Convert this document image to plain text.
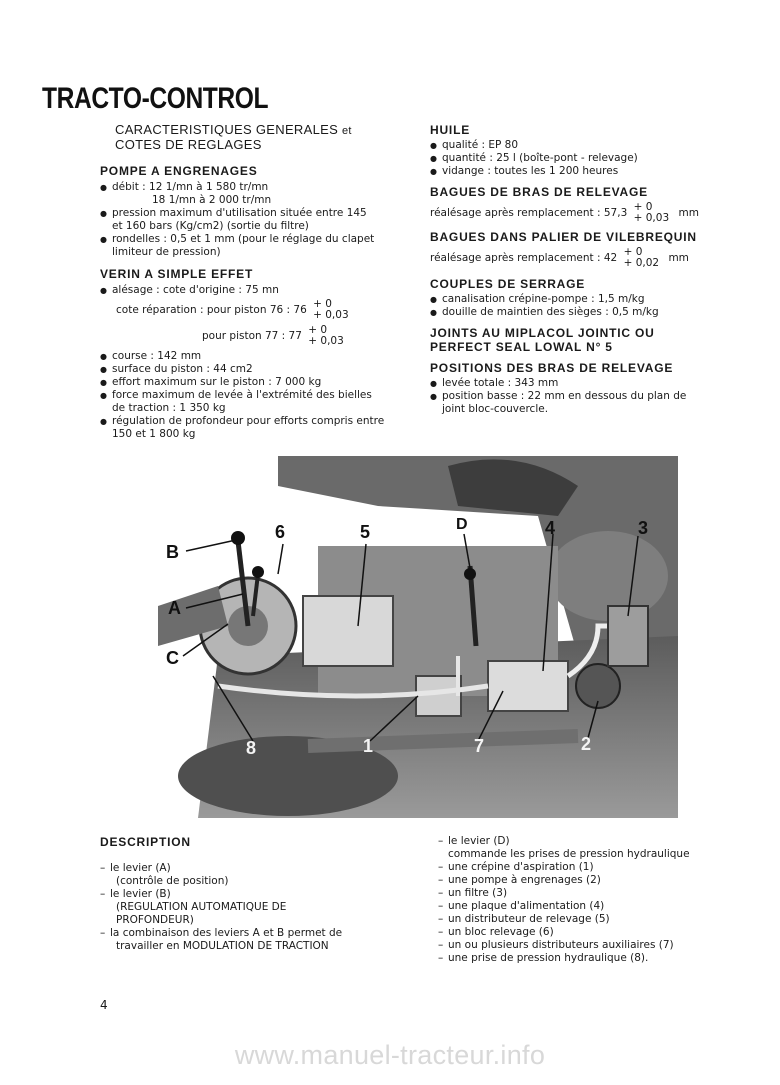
TRACTO-CONTROL
CARACTERISTIQUES GENERALES et
COTES DE REGLAGES
POMPE A ENGRENAGES
● débit : 12 1/mn à 1 580 tr/mn
18 1/mn à 2 000 tr/mn
● pression maximum d'utilisation située entre 145
et 160 bars (Kg/cm2) (sortie du filtre)
● rondelles : 0,5 et 1 mm (pour le réglage du clapet
limiteur de pression)
VERIN A SIMPLE EFFET
● alésage : cote d'origine : 75 mn
cote réparation : pour piston 76 : 76 + 0
+ 0,03
pour piston 77 : 77 + 0
+ 0,03
● course : 142 mm
● surface du piston : 44 cm2
● effort maximum sur le piston : 7 000 kg
● force maximum de levée à l'extrémité des bielles
de traction : 1 350 kg
● régulation de profondeur pour efforts compris entre
150 et 1 800 kg
HUILE
● qualité : EP 80
● quantité : 25 l (boîte-pont - relevage)
● vidange : toutes les 1 200 heures
BAGUES DE BRAS DE RELEVAGE
réalésage après remplacement : 57,3 + 0
+ 0,03 mm
BAGUES DANS PALIER DE VILEBREQUIN
réalésage après remplacement : 42 + 0
+ 0,02 mm
COUPLES DE SERRAGE
● canalisation crépine-pompe : 1,5 m/kg
● douille de maintien des sièges : 0,5 m/kg
JOINTS AU MIPLACOL JOINTIC OU
PERFECT SEAL LOWAL N° 5
POSITIONS DES BRAS DE RELEVAGE
● levée totale : 343 mm
● position basse : 22 mm en dessous du plan de
joint bloc-couvercle.
B
A
C
6	5	D	4	3
8	1	7	2
DESCRIPTION
– le levier (A)
(contrôle de position)
– le levier (B)
(REGULATION AUTOMATIQUE DE
PROFONDEUR)
– la combinaison des leviers A et B permet de
travailler en MODULATION DE TRACTION
– le levier (D)
commande les prises de pression hydraulique
– une crépine d'aspiration (1)
– une pompe à engrenages (2)
– un filtre (3)
– une plaque d'alimentation (4)
– un distributeur de relevage (5)
– un bloc relevage (6)
– un ou plusieurs distributeurs auxiliaires (7)
– une prise de pression hydraulique (8).
4
www.manuel-tracteur.info
